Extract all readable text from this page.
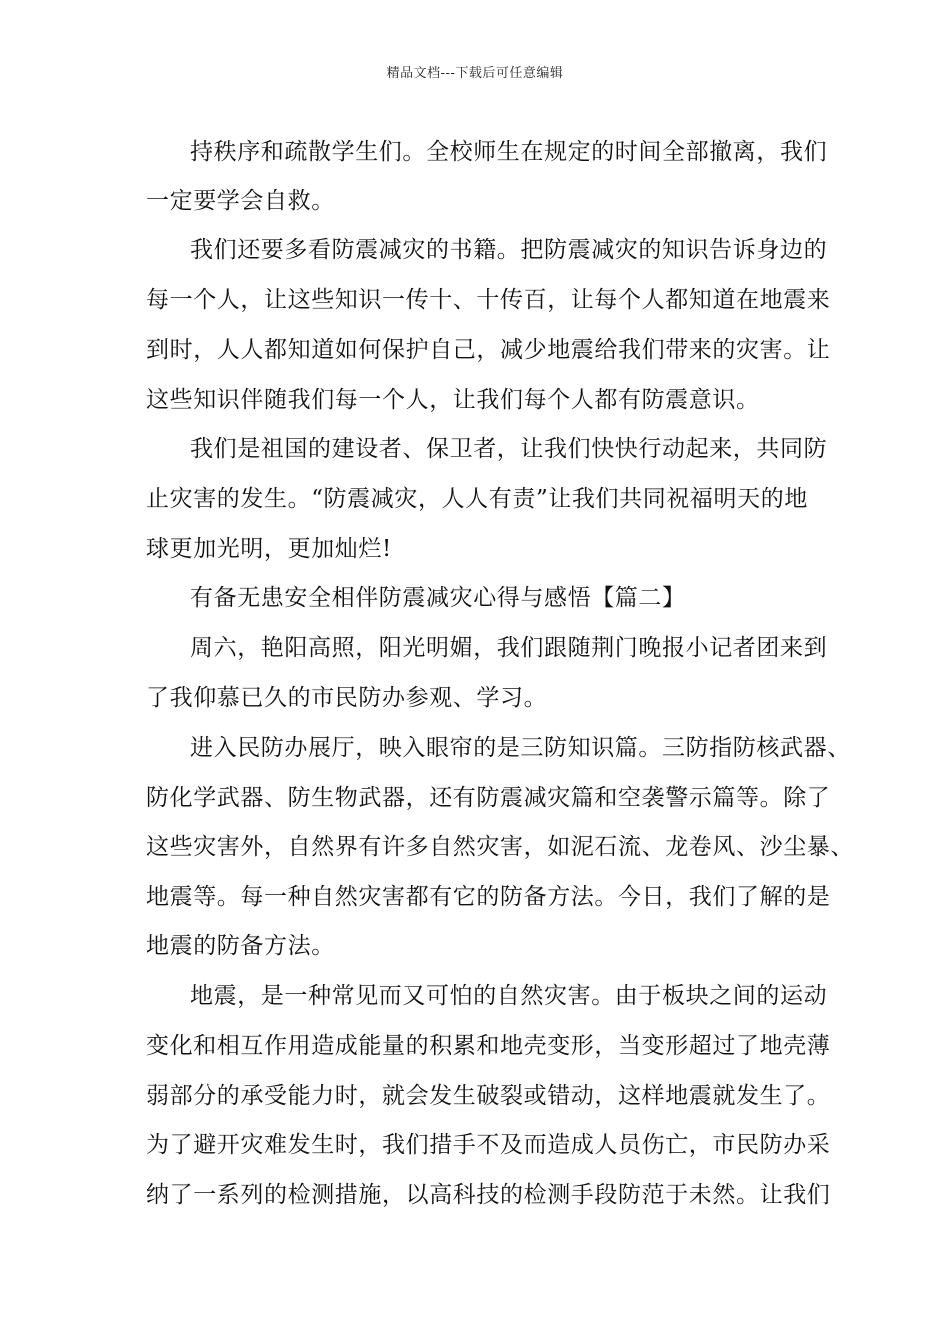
精品文档---下载后可任意编辑
持秩序和疏散学生们。全校师生在规定的时间全部撤离，我们
一定要学会自救。
我们还要多看防震减灾的书籍。把防震减灾的知识告诉身边的
每一个人，让这些知识一传十、十传百，让每个人都知道在地震来
到时，人人都知道如何保护自己，减少地震给我们带来的灾害。让
这些知识伴随我们每一个人，让我们每个人都有防震意识。
我们是祖国的建设者、保卫者，让我们快快行动起来，共同防
止灾害的发生。“防震减灾，人人有责”让我们共同祝福明天的地
球更加光明，更加灿烂!
有备无患安全相伴防震减灾心得与感悟【篇二】
周六，艳阳高照，阳光明媚，我们跟随荆门晚报小记者团来到
了我仰慕已久的市民防办参观、学习。
进入民防办展厅，映入眼帘的是三防知识篇。三防指防核武器、
防化学武器、防生物武器，还有防震减灾篇和空袭警示篇等。除了
这些灾害外，自然界有许多自然灾害，如泥石流、龙卷风、沙尘暴、
地震等。每一种自然灾害都有它的防备方法。今日，我们了解的是
地震的防备方法。
地震，是一种常见而又可怕的自然灾害。由于板块之间的运动
变化和相互作用造成能量的积累和地壳变形，当变形超过了地壳薄
弱部分的承受能力时，就会发生破裂或错动，这样地震就发生了。
为了避开灾难发生时，我们措手不及而造成人员伤亡，市民防办采
纳了一系列的检测措施，以高科技的检测手段防范于未然。让我们
